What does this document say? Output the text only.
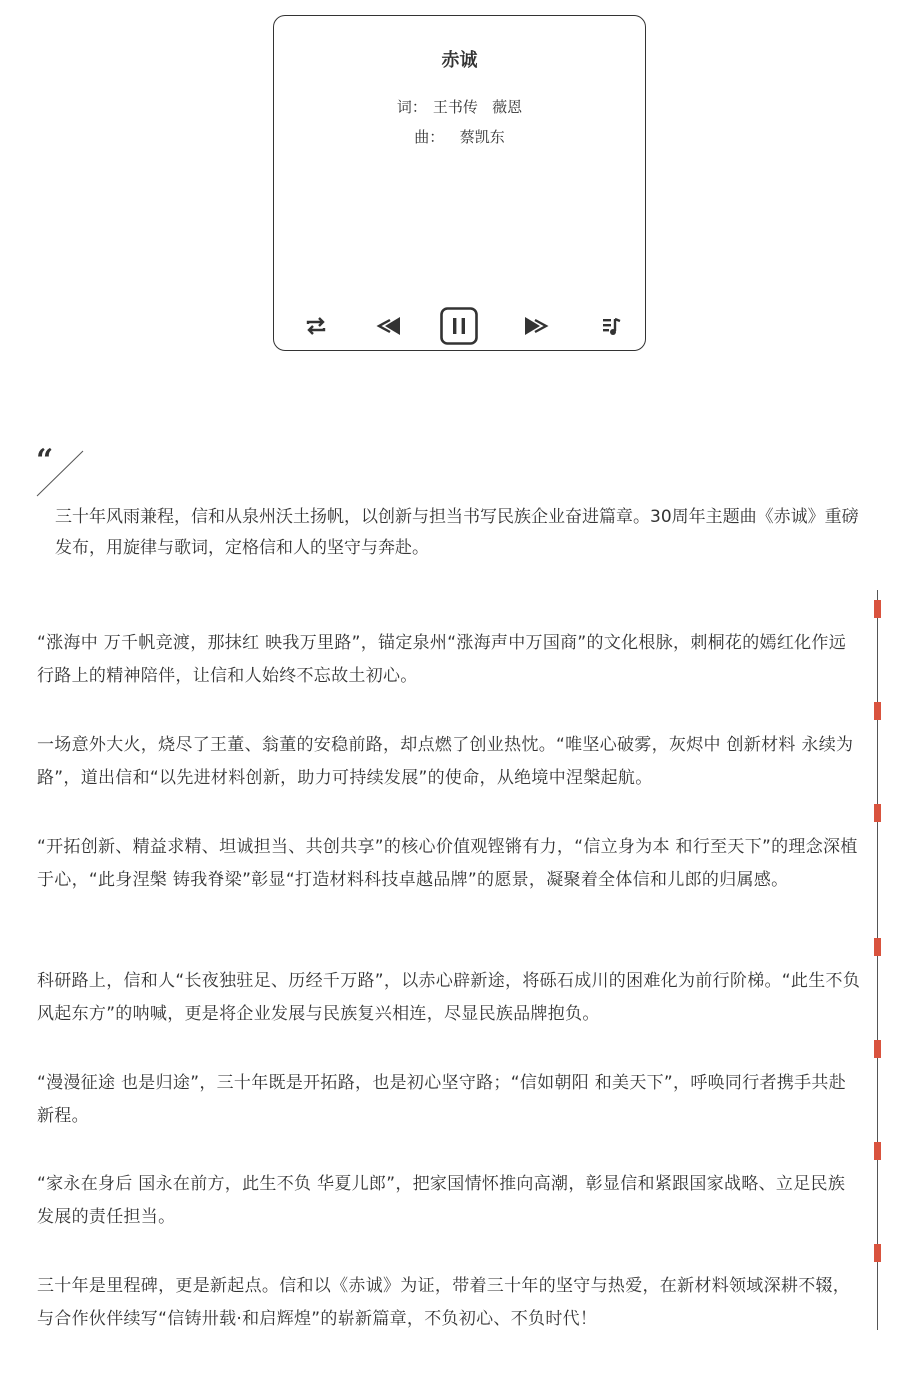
赤诚
词： 王书传   薇恩
曲： 蔡凯东
“
三十年风雨兼程，信和从泉州沃土扬帆，以创新与担当书写民族企业奋进篇章。30周年主题曲《赤诚》重磅发布，用旋律与歌词，定格信和人的坚守与奔赴。
“涨海中 万千帆竞渡，那抹红 映我万里路”，锚定泉州“涨海声中万国商”的文化根脉，刺桐花的嫣红化作远行路上的精神陪伴，让信和人始终不忘故土初心。
一场意外大火，烧尽了王董、翁董的安稳前路，却点燃了创业热忱。“唯坚心破雾，灰烬中 创新材料 永续为路”，道出信和“以先进材料创新，助力可持续发展”的使命，从绝境中涅槃起航。
“开拓创新、精益求精、坦诚担当、共创共享”的核心价值观铿锵有力，“信立身为本 和行至天下”的理念深植于心，“此身涅槃 铸我脊梁”彰显“打造材料科技卓越品牌”的愿景，凝聚着全体信和儿郎的归属感。
科研路上，信和人“长夜独驻足、历经千万路”，以赤心辟新途，将砾石成川的困难化为前行阶梯。“此生不负 风起东方”的呐喊，更是将企业发展与民族复兴相连，尽显民族品牌抱负。
“漫漫征途 也是归途”，三十年既是开拓路，也是初心坚守路；“信如朝阳 和美天下”，呼唤同行者携手共赴新程。
“家永在身后 国永在前方，此生不负 华夏儿郎”，把家国情怀推向高潮，彰显信和紧跟国家战略、立足民族发展的责任担当。
三十年是里程碑，更是新起点。信和以《赤诚》为证，带着三十年的坚守与热爱，在新材料领域深耕不辍，与合作伙伴续写“信铸卅载·和启辉煌”的崭新篇章，不负初心、不负时代！
